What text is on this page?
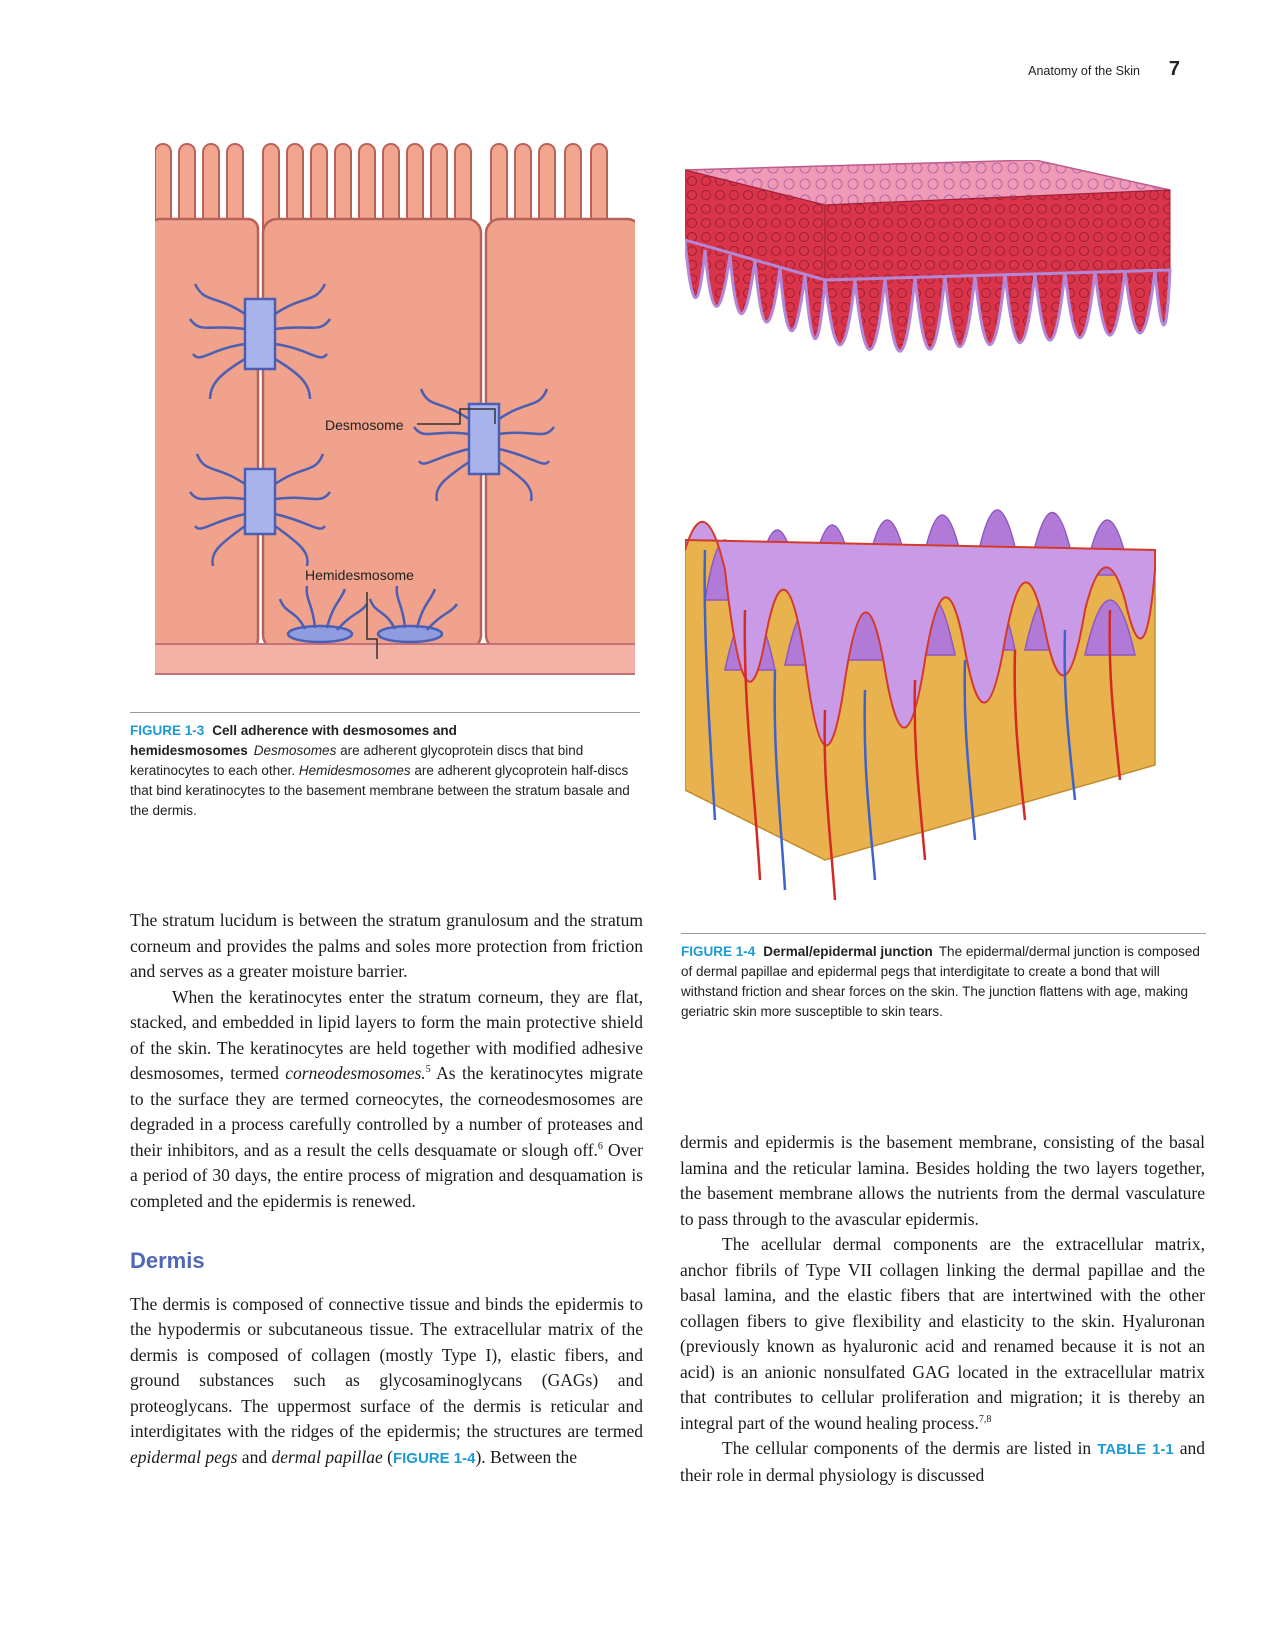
Anatomy of the Skin 7
Desmosome
Hemidesmosome
FIGURE 1-3 Cell adherence with desmosomes and hemidesmosomes Desmosomes are adherent glycoprotein discs that bind keratinocytes to each other. Hemidesmosomes are adherent glycoprotein half-discs that bind keratinocytes to the basement membrane between the stratum basale and the dermis.
FIGURE 1-4 Dermal/epidermal junction The epidermal/dermal junction is composed of dermal papillae and epidermal pegs that interdigitate to create a bond that will withstand friction and shear forces on the skin. The junction flattens with age, making geriatric skin more susceptible to skin tears.

The stratum lucidum is between the stratum granulosum and the stratum corneum and provides the palms and soles more protection from friction and serves as a greater moisture barrier.

When the keratinocytes enter the stratum corneum, they are flat, stacked, and embedded in lipid layers to form the main protective shield of the skin. The keratinocytes are held together with modified adhesive desmosomes, termed corneodesmosomes.$^5$ As the keratinocytes migrate to the surface they are termed corneocytes, the corneodesmosomes are degraded in a process carefully controlled by a number of proteases and their inhibitors, and as a result the cells desquamate or slough off.$^6$ Over a period of 30 days, the entire process of migration and desquamation is completed and the epidermis is renewed.

Dermis

The dermis is composed of connective tissue and binds the epidermis to the hypodermis or subcutaneous tissue. The extracellular matrix of the dermis is composed of collagen (mostly Type I), elastic fibers, and ground substances such as glycosaminoglycans (GAGs) and proteoglycans. The uppermost surface of the dermis is reticular and interdigitates with the ridges of the epidermis; the structures are termed epidermal pegs and dermal papillae (FIGURE 1-4). Between the

dermis and epidermis is the basement membrane, consisting of the basal lamina and the reticular lamina. Besides holding the two layers together, the basement membrane allows the nutrients from the dermal vasculature to pass through to the avascular epidermis.

The acellular dermal components are the extracellular matrix, anchor fibrils of Type VII collagen linking the dermal papillae and the basal lamina, and the elastic fibers that are intertwined with the other collagen fibers to give flexibility and elasticity to the skin. Hyaluronan (previously known as hyaluronic acid and renamed because it is not an acid) is an anionic nonsulfated GAG located in the extracellular matrix that contributes to cellular proliferation and migration; it is thereby an integral part of the wound healing process.$^{7,8}$

The cellular components of the dermis are listed in TABLE 1-1 and their role in dermal physiology is discussed
